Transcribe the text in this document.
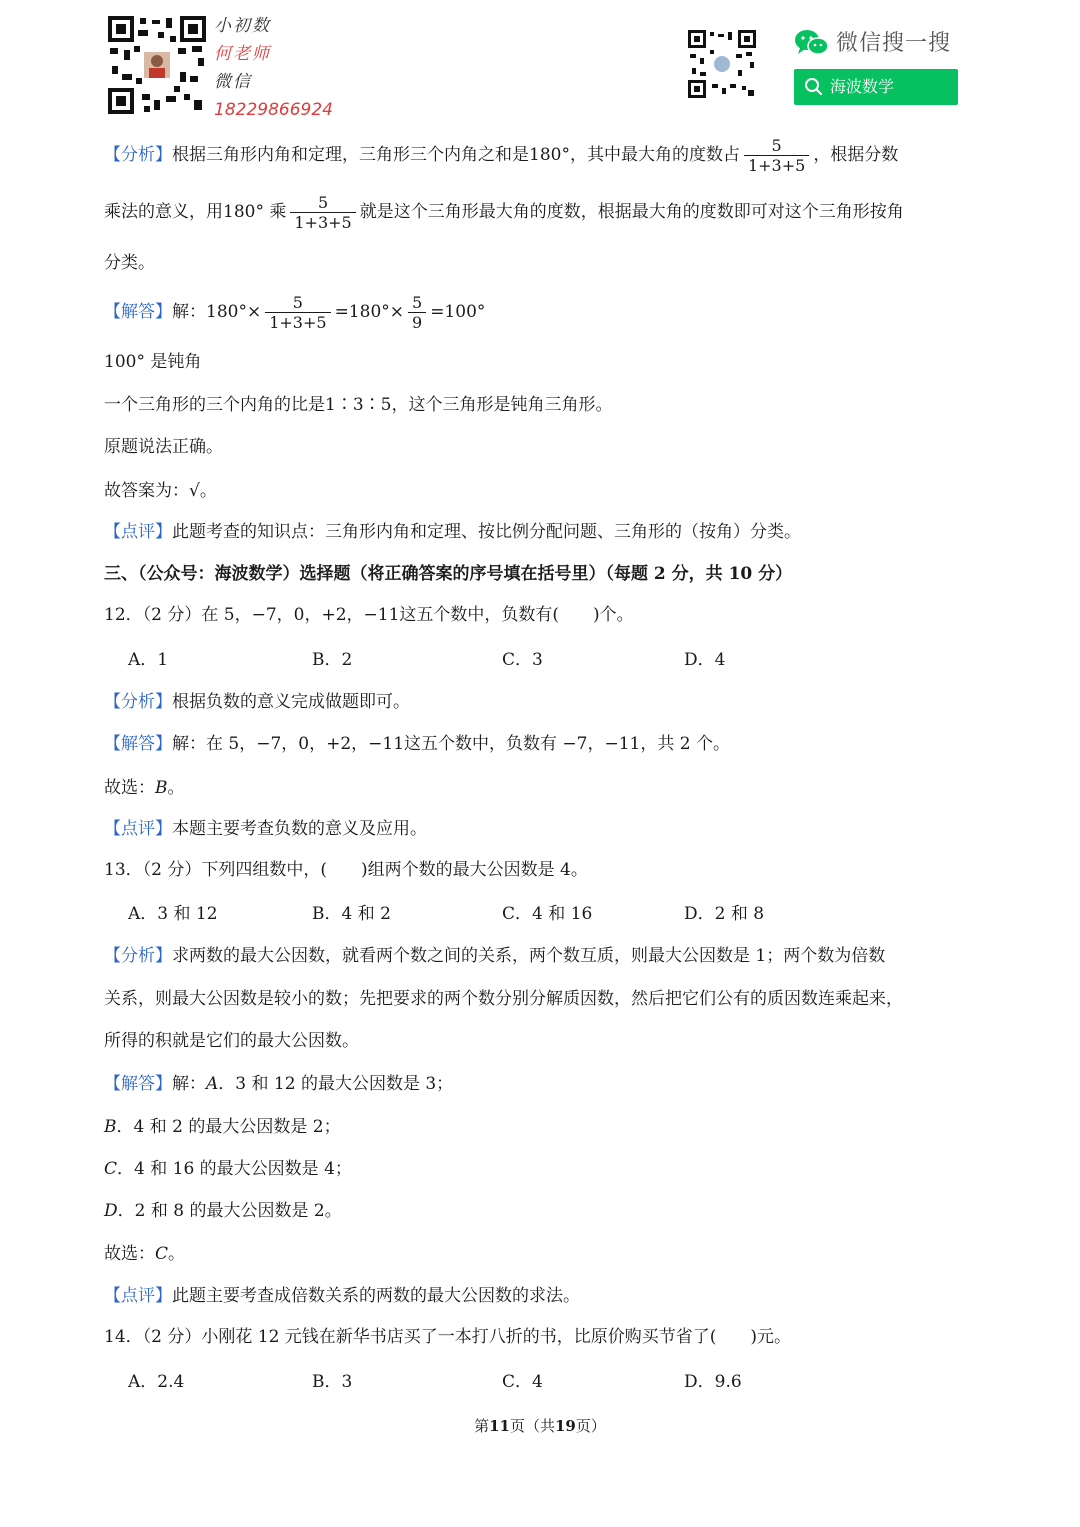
小初数
何老师
微信
18229866924
微信搜一搜
海波数学
【分析】根据三角形内角和定理，三角形三个内角之和是180°，其中最大角的度数占 $\frac{5}{1+3+5}$ ，根据分数
乘法的意义，用180° 乘 $\frac{5}{1+3+5}$ 就是这个三角形最大角的度数，根据最大角的度数即可对这个三角形按角
分类。
【解答】解：$180^\circ\times \frac{5}{1+3+5} =180^\circ\times \frac{5}{9} =100^\circ$
100° 是钝角
一个三角形的三个内角的比是1∶3∶5，这个三角形是钝角三角形。
原题说法正确。
故答案为：√。
【点评】此题考查的知识点：三角形内角和定理、按比例分配问题、三角形的（按角）分类。
三、（公众号：海波数学）选择题（将正确答案的序号填在括号里）（每题 2 分，共 10 分）
12．（2 分）在 5，−7，0，+2，−11这五个数中，负数有(　　)个。
A．1	B．2	C．3	D．4
【分析】根据负数的意义完成做题即可。
【解答】解：在 5，−7，0，+2，−11这五个数中，负数有 −7，−11，共 2 个。
故选：B。
【点评】本题主要考查负数的意义及应用。
13．（2 分）下列四组数中，(　　)组两个数的最大公因数是 4。
A．3 和 12	B．4 和 2	C．4 和 16	D．2 和 8
【分析】求两数的最大公因数，就看两个数之间的关系，两个数互质，则最大公因数是 1；两个数为倍数
关系，则最大公因数是较小的数；先把要求的两个数分别分解质因数，然后把它们公有的质因数连乘起来，
所得的积就是它们的最大公因数。
【解答】解：A．3 和 12 的最大公因数是 3；
B．4 和 2 的最大公因数是 2；
C．4 和 16 的最大公因数是 4；
D．2 和 8 的最大公因数是 2。
故选：C。
【点评】此题主要考查成倍数关系的两数的最大公因数的求法。
14．（2 分）小刚花 12 元钱在新华书店买了一本打八折的书，比原价购买节省了(　　)元。
A．2.4	B．3	C．4	D．9.6
第11页（共19页）
